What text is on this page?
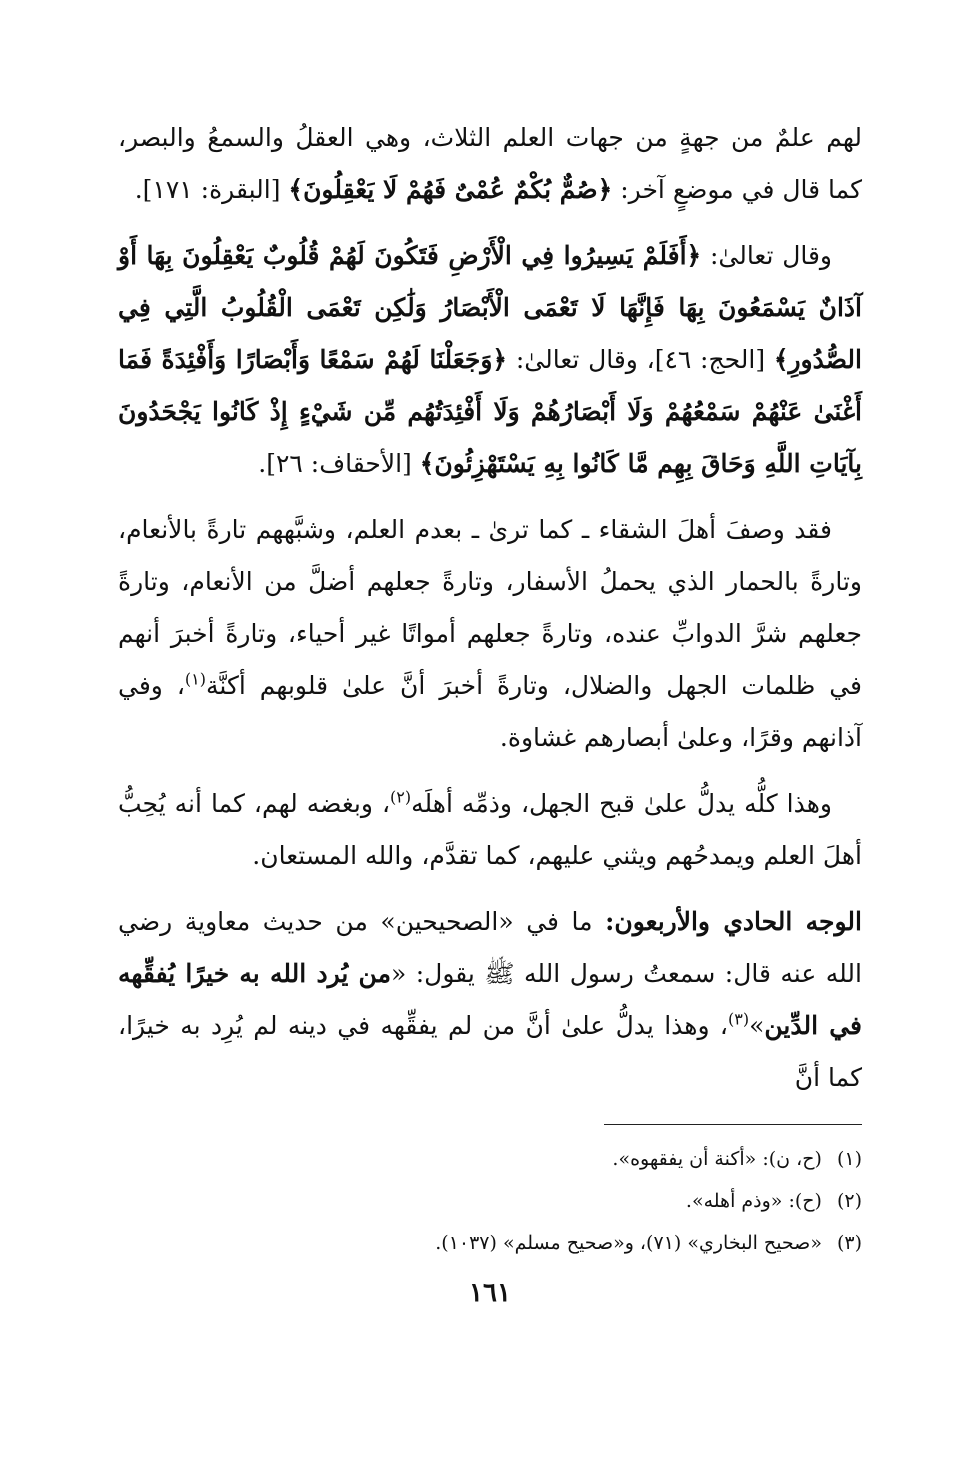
لهم علمٌ من جهةٍ من جهات العلم الثلاث، وهي العقلُ والسمعُ والبصر، كما قال في موضعٍ آخر: ﴿صُمٌّ بُكْمٌ عُمْىٌ فَهُمْ لَا يَعْقِلُونَ﴾ [البقرة: ١٧١].

وقال تعالىٰ: ﴿أَفَلَمْ يَسِيرُوا فِي الْأَرْضِ فَتَكُونَ لَهُمْ قُلُوبٌ يَعْقِلُونَ بِهَا أَوْ آذَانٌ يَسْمَعُونَ بِهَا فَإِنَّهَا لَا تَعْمَى الْأَبْصَارُ وَلَٰكِن تَعْمَى الْقُلُوبُ الَّتِي فِي الصُّدُورِ﴾ [الحج: ٤٦]، وقال تعالىٰ: ﴿وَجَعَلْنَا لَهُمْ سَمْعًا وَأَبْصَارًا وَأَفْئِدَةً فَمَا أَغْنَىٰ عَنْهُمْ سَمْعُهُمْ وَلَا أَبْصَارُهُمْ وَلَا أَفْئِدَتُهُم مِّن شَيْءٍ إِذْ كَانُوا يَجْحَدُونَ بِآيَاتِ اللَّهِ وَحَاقَ بِهِم مَّا كَانُوا بِهِ يَسْتَهْزِئُونَ﴾ [الأحقاف: ٢٦].

فقد وصفَ أهلَ الشقاء ـ كما ترىٰ ـ بعدم العلم، وشبَّههم تارةً بالأنعام، وتارةً بالحمار الذي يحملُ الأسفار، وتارةً جعلهم أضلَّ من الأنعام، وتارةً جعلهم شرَّ الدوابِّ عنده، وتارةً جعلهم أمواتًا غير أحياء، وتارةً أخبرَ أنهم في ظلمات الجهل والضلال، وتارةً أخبرَ أنَّ علىٰ قلوبهم أكنَّة$^{(١)}$، وفي آذانهم وقرًا، وعلىٰ أبصارهم غشاوة.

وهذا كلُّه يدلُّ علىٰ قبح الجهل، وذمِّه أهلَه$^{(٢)}$، وبغضه لهم، كما أنه يُحِبُّ أهلَ العلم ويمدحُهم ويثني عليهم، كما تقدَّم، والله المستعان.

الوجه الحادي والأربعون: ما في «الصحيحين» من حديث معاوية رضي الله عنه قال: سمعتُ رسول الله ﷺ يقول: «من يُرد الله به خيرًا يُفقِّهه في الدِّين»$^{(٣)}$، وهذا يدلُّ علىٰ أنَّ من لم يفقِّهه في دينه لم يُرِد به خيرًا، كما أنَّ

(١) (ح، ن): «أكنة أن يفقهوه».
(٢) (ح): «وذم أهله».
(٣) «صحيح البخاري» (٧١)، و«صحيح مسلم» (١٠٣٧).
١٦١
